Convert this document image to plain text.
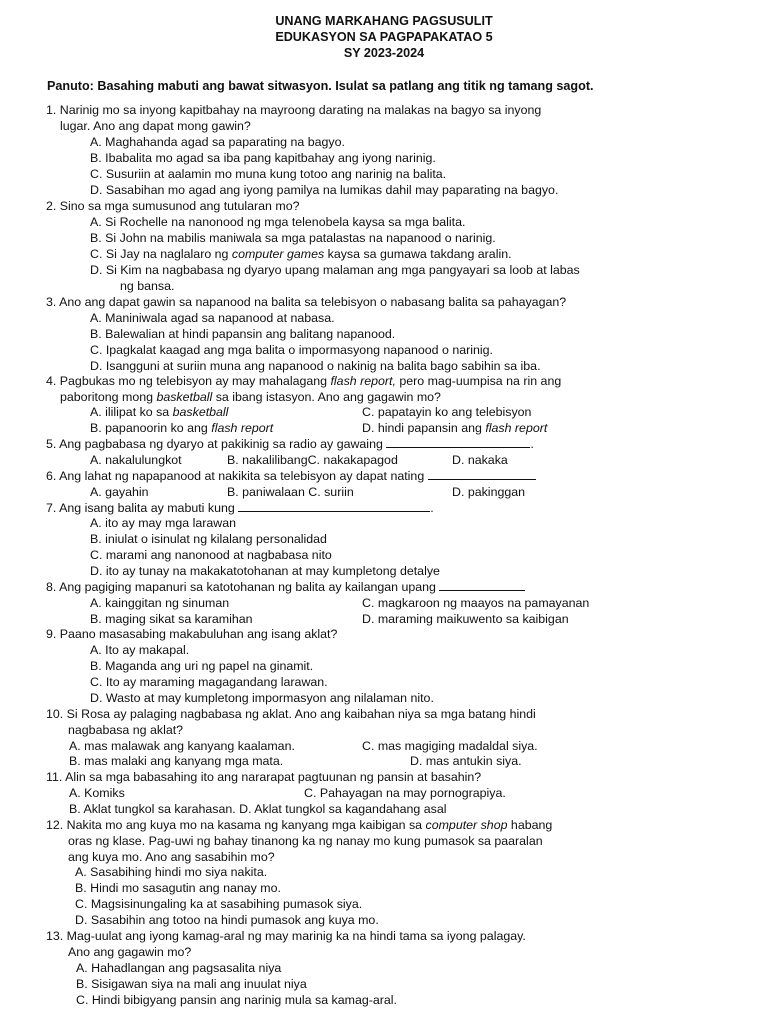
UNANG MARKAHANG PAGSUSULIT
EDUKASYON SA PAGPAPAKATAO 5
SY 2023-2024
Panuto: Basahing mabuti ang bawat sitwasyon. Isulat sa patlang ang titik ng tamang sagot.
1. Narinig mo sa inyong kapitbahay na mayroong darating na malakas na bagyo sa inyong
lugar. Ano ang dapat mong gawin?
A. Maghahanda agad sa paparating na bagyo.
B. Ibabalita mo agad sa iba pang kapitbahay ang iyong narinig.
C. Susuriin at aalamin mo muna kung totoo ang narinig na balita.
D. Sasabihan mo agad ang iyong pamilya na lumikas dahil may paparating na bagyo.
2. Sino sa mga sumusunod ang tutularan mo?
A. Si Rochelle na nanonood ng mga telenobela kaysa sa mga balita.
B. Si John na mabilis maniwala sa mga patalastas na napanood o narinig.
C. Si Jay na naglalaro ng computer games kaysa sa gumawa takdang aralin.
D. Si Kim na nagbabasa ng dyaryo upang malaman ang mga pangyayari sa loob at labas
ng bansa.
3. Ano ang dapat gawin sa napanood na balita sa telebisyon o nabasang balita sa pahayagan?
A. Maniniwala agad sa napanood at nabasa.
B. Balewalian at hindi papansin ang balitang napanood.
C. Ipagkalat kaagad ang mga balita o impormasyong napanood o narinig.
D. Isangguni at suriin muna ang napanood o nakinig na balita bago sabihin sa iba.
4. Pagbukas mo ng telebisyon ay may mahalagang flash report, pero mag-uumpisa na rin ang
paboritong mong basketball sa ibang istasyon. Ano ang gagawin mo?
A. ililipat ko sa basketball	C. papatayin ko ang telebisyon
B. papanoorin ko ang flash report	D. hindi papansin ang flash report
5. Ang pagbabasa ng dyaryo at pakikinig sa radio ay gawaing	.
A. nakalulungkot	B. nakalilibangC. nakakapagod	D. nakaka
6. Ang lahat ng napapanood at nakikita sa telebisyon ay dapat nating
A. gayahin	B. paniwalaan C. suriin	D. pakinggan
7. Ang isang balita ay mabuti kung	.
A. ito ay may mga larawan
B. iniulat o isinulat ng kilalang personalidad
C. marami ang nanonood at nagbabasa nito
D. ito ay tunay na makakatotohanan at may kumpletong detalye
8. Ang pagiging mapanuri sa katotohanan ng balita ay kailangan upang
A. kainggitan ng sinuman	C. magkaroon ng maayos na pamayanan
B. maging sikat sa karamihan	D. maraming maikuwento sa kaibigan
9. Paano masasabing makabuluhan ang isang aklat?
A. Ito ay makapal.
B. Maganda ang uri ng papel na ginamit.
C. Ito ay maraming magagandang larawan.
D. Wasto at may kumpletong impormasyon ang nilalaman nito.
10. Si Rosa ay palaging nagbabasa ng aklat. Ano ang kaibahan niya sa mga batang hindi
nagbabasa ng aklat?
A. mas malawak ang kanyang kaalaman.	C. mas magiging madaldal siya.
B. mas malaki ang kanyang mga mata.	D. mas antukin siya.
11. Alin sa mga babasahing ito ang nararapat pagtuunan ng pansin at basahin?
A. Komiks	C. Pahayagan na may pornograpiya.
B. Aklat tungkol sa karahasan. D. Aklat tungkol sa kagandahang asal
12. Nakita mo ang kuya mo na kasama ng kanyang mga kaibigan sa computer shop habang
oras ng klase. Pag-uwi ng bahay tinanong ka ng nanay mo kung pumasok sa paaralan
ang kuya mo. Ano ang sasabihin mo?
A. Sasabihing hindi mo siya nakita.
B. Hindi mo sasagutin ang nanay mo.
C. Magsisinungaling ka at sasabihing pumasok siya.
D. Sasabihin ang totoo na hindi pumasok ang kuya mo.
13. Mag-uulat ang iyong kamag-aral ng may marinig ka na hindi tama sa iyong palagay.
Ano ang gagawin mo?
A. Hahadlangan ang pagsasalita niya
B. Sisigawan siya na mali ang inuulat niya
C. Hindi bibigyang pansin ang narinig mula sa kamag-aral.
